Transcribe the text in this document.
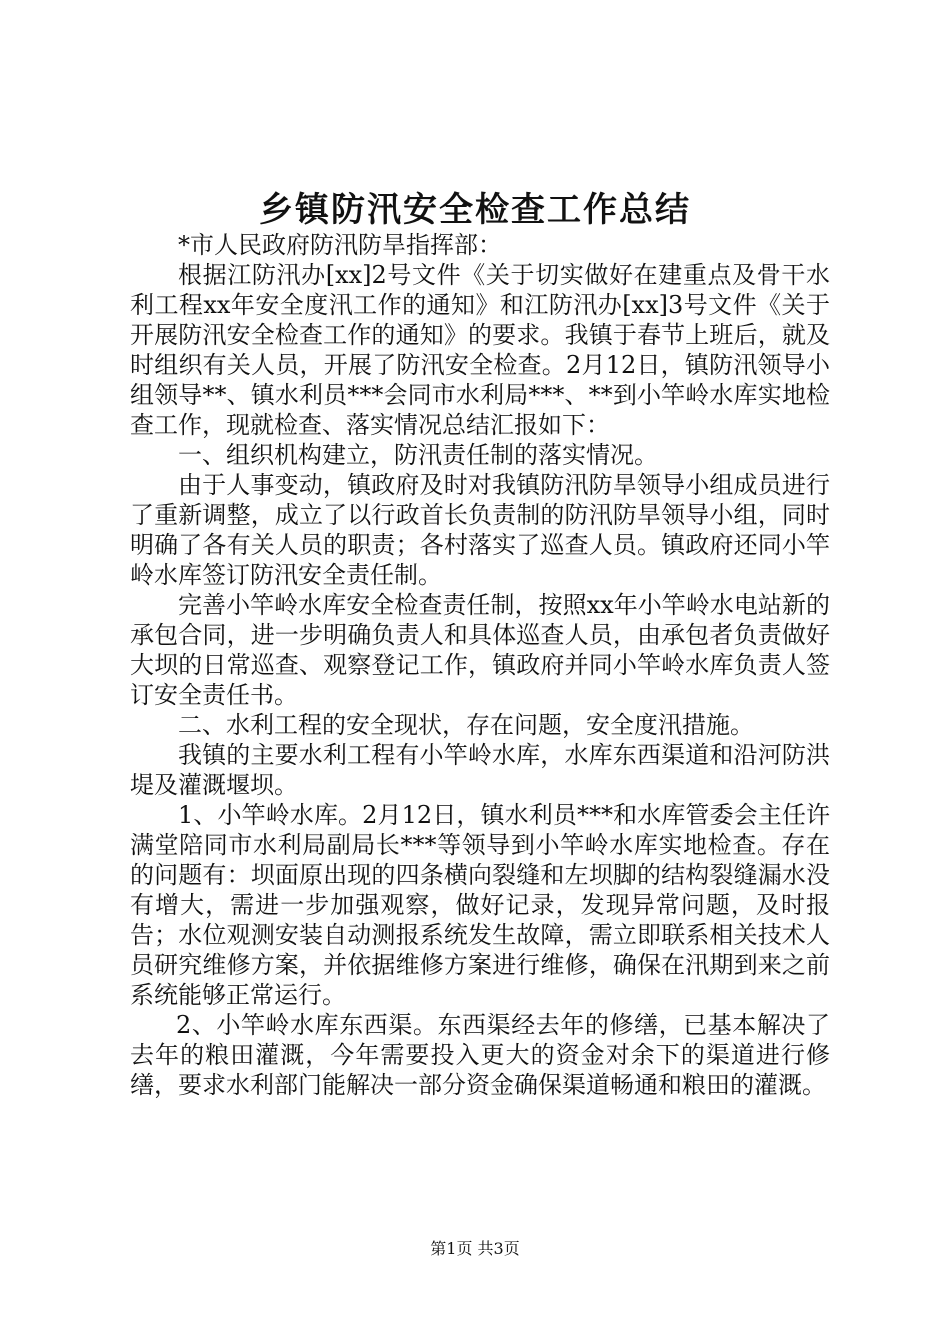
乡镇防汛安全检查工作总结

*市人民政府防汛防旱指挥部：

根据江防汛办[xx]2号文件《关于切实做好在建重点及骨干水利工程xx年安全度汛工作的通知》和江防汛办[xx]3号文件《关于开展防汛安全检查工作的通知》的要求。我镇于春节上班后，就及时组织有关人员，开展了防汛安全检查。2月12日，镇防汛领导小组领导**、镇水利员***会同市水利局***、**到小竿岭水库实地检查工作，现就检查、落实情况总结汇报如下：

一、组织机构建立，防汛责任制的落实情况。

由于人事变动，镇政府及时对我镇防汛防旱领导小组成员进行了重新调整，成立了以行政首长负责制的防汛防旱领导小组，同时明确了各有关人员的职责；各村落实了巡查人员。镇政府还同小竿岭水库签订防汛安全责任制。

完善小竿岭水库安全检查责任制，按照xx年小竿岭水电站新的承包合同，进一步明确负责人和具体巡查人员，由承包者负责做好大坝的日常巡查、观察登记工作，镇政府并同小竿岭水库负责人签订安全责任书。

二、水利工程的安全现状，存在问题，安全度汛措施。

我镇的主要水利工程有小竿岭水库，水库东西渠道和沿河防洪堤及灌溉堰坝。

1、小竿岭水库。2月12日，镇水利员***和水库管委会主任许满堂陪同市水利局副局长***等领导到小竿岭水库实地检查。存在的问题有：坝面原出现的四条横向裂缝和左坝脚的结构裂缝漏水没有增大，需进一步加强观察，做好记录，发现异常问题，及时报告；水位观测安装自动测报系统发生故障，需立即联系相关技术人员研究维修方案，并依据维修方案进行维修，确保在汛期到来之前系统能够正常运行。

2、小竿岭水库东西渠。东西渠经去年的修缮，已基本解决了去年的粮田灌溉，今年需要投入更大的资金对余下的渠道进行修缮，要求水利部门能解决一部分资金确保渠道畅通和粮田的灌溉。

第1页 共3页
